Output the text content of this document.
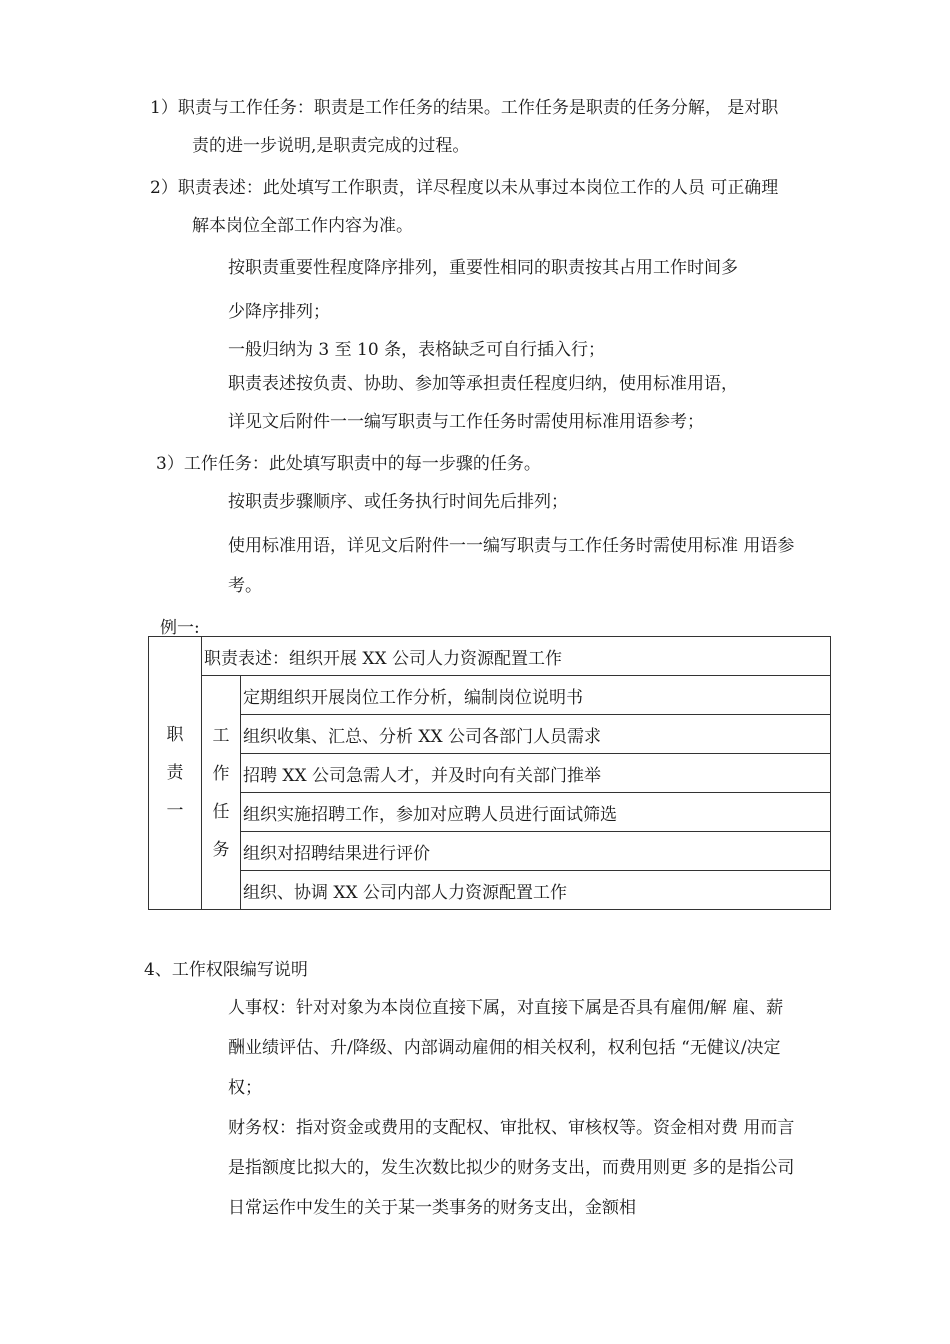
1）职责与工作任务：职责是工作任务的结果。工作任务是职责的任务分解， 是对职
责的进一步说明,是职责完成的过程。
2）职责表述：此处填写工作职责，详尽程度以未从事过本岗位工作的人员 可正确理
解本岗位全部工作内容为准。
按职责重要性程度降序排列，重要性相同的职责按其占用工作时间多
少降序排列；
一般归纳为 3 至 10 条，表格缺乏可自行插入行；
职责表述按负责、协助、参加等承担责任程度归纳，使用标准用语，
详见文后附件一一编写职责与工作任务时需使用标准用语参考；
3）工作任务：此处填写职责中的每一步骤的任务。
按职责步骤顺序、或任务执行时间先后排列；
使用标准用语，详见文后附件一一编写职责与工作任务时需使用标准 用语参
考。
例一:
职
责
一	职责表述：组织开展 XX 公司人力资源配置工作	

	工
作
任
务	定期组织开展岗位工作分析，编制岗位说明书
		组织收集、汇总、分析 XX 公司各部门人员需求
		招聘 XX 公司急需人才，并及时向有关部门推举
		组织实施招聘工作，参加对应聘人员进行面试筛选
		组织对招聘结果进行评价
		组织、协调 XX 公司内部人力资源配置工作
4、工作权限编写说明
人事权：针对对象为本岗位直接下属，对直接下属是否具有雇佣/解 雇、薪
酬业绩评估、升/降级、内部调动雇佣的相关权利，权利包括 “无健议/决定
权；
财务权：指对资金或费用的支配权、审批权、审核权等。资金相对费 用而言
是指额度比拟大的，发生次数比拟少的财务支出，而费用则更 多的是指公司
日常运作中发生的关于某一类事务的财务支出，金额相
